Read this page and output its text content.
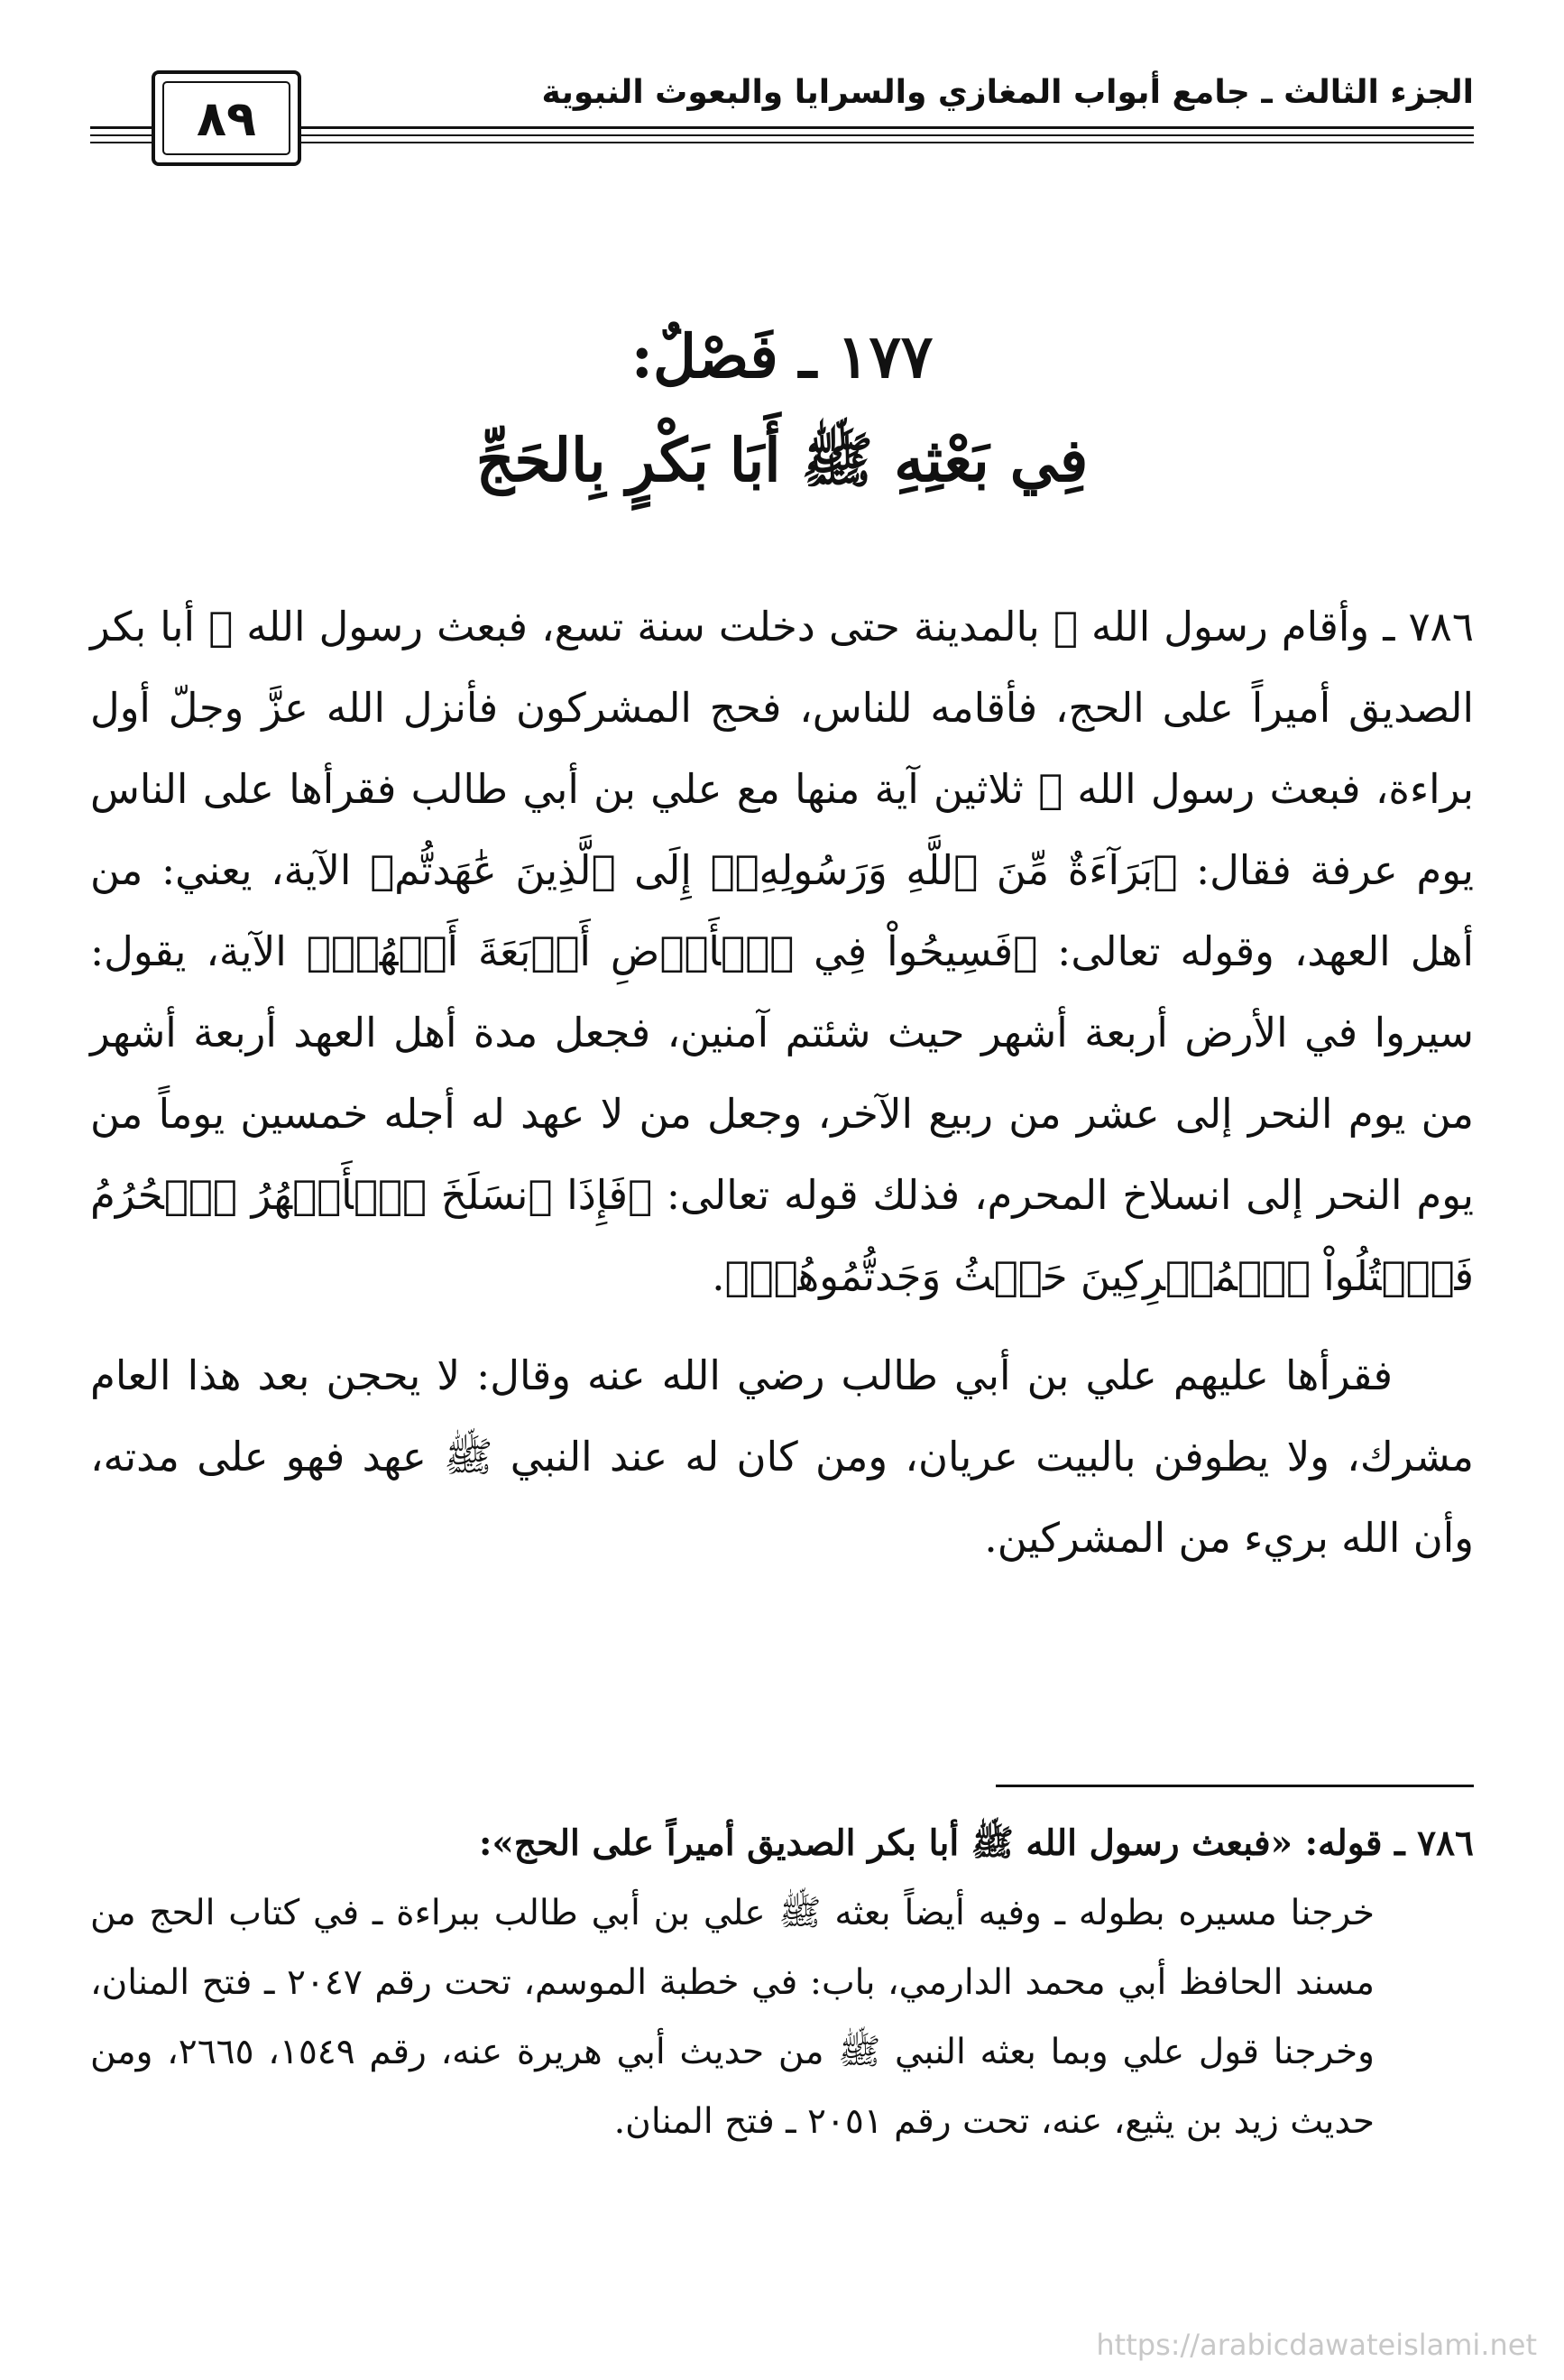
الجزء الثالث ـ جامع أبواب المغازي والسرايا والبعوث النبوية
٨٩
١٧٧ ـ فَصْلٌ:
فِي بَعْثِهِ ﷺ أَبَا بَكْرٍ بِالحَجِّ

٧٨٦ ـ وأقام رسول الله ﷺ بالمدينة حتى دخلت سنة تسع، فبعث رسول الله ﷺ أبا بكر الصديق أميراً على الحج، فأقامه للناس، فحج المشركون فأنزل الله عزَّ وجلّ أول براءة، فبعث رسول الله ﷺ ثلاثين آية منها مع علي بن أبي طالب فقرأها على الناس يوم عرفة فقال: ﴿بَرَآءَةٌ مِّنَ ٱللَّهِ وَرَسُولِهِۦٓ إِلَى ٱلَّذِينَ عَٰهَدتُّم﴾ الآية، يعني: من أهل العهد، وقوله تعالى: ﴿فَسِيحُواْ فِي ٱلۡأَرۡضِ أَرۡبَعَةَ أَشۡهُرٖ﴾ الآية، يقول: سيروا في الأرض أربعة أشهر حيث شئتم آمنين، فجعل مدة أهل العهد أربعة أشهر من يوم النحر إلى عشر من ربيع الآخر، وجعل من لا عهد له أجله خمسين يوماً من يوم النحر إلى انسلاخ المحرم، فذلك قوله تعالى: ﴿فَإِذَا ٱنسَلَخَ ٱلۡأَشۡهُرُ ٱلۡحُرُمُ فَٱقۡتُلُواْ ٱلۡمُشۡرِكِينَ حَيۡثُ وَجَدتُّمُوهُمۡ﴾.

فقرأها عليهم علي بن أبي طالب رضي الله عنه وقال: لا يحجن بعد هذا العام مشرك، ولا يطوفن بالبيت عريان، ومن كان له عند النبي ﷺ عهد فهو على مدته، وأن الله بريء من المشركين.

٧٨٦ ـ قوله: «فبعث رسول الله ﷺ أبا بكر الصديق أميراً على الحج»:

خرجنا مسيره بطوله ـ وفيه أيضاً بعثه ﷺ علي بن أبي طالب ببراءة ـ في كتاب الحج من مسند الحافظ أبي محمد الدارمي، باب: في خطبة الموسم، تحت رقم ٢٠٤٧ ـ فتح المنان، وخرجنا قول علي وبما بعثه النبي ﷺ من حديث أبي هريرة عنه، رقم ١٥٤٩، ٢٦٦٥، ومن حديث زيد بن يثيع، عنه، تحت رقم ٢٠٥١ ـ فتح المنان.

https://arabicdawateislami.net
